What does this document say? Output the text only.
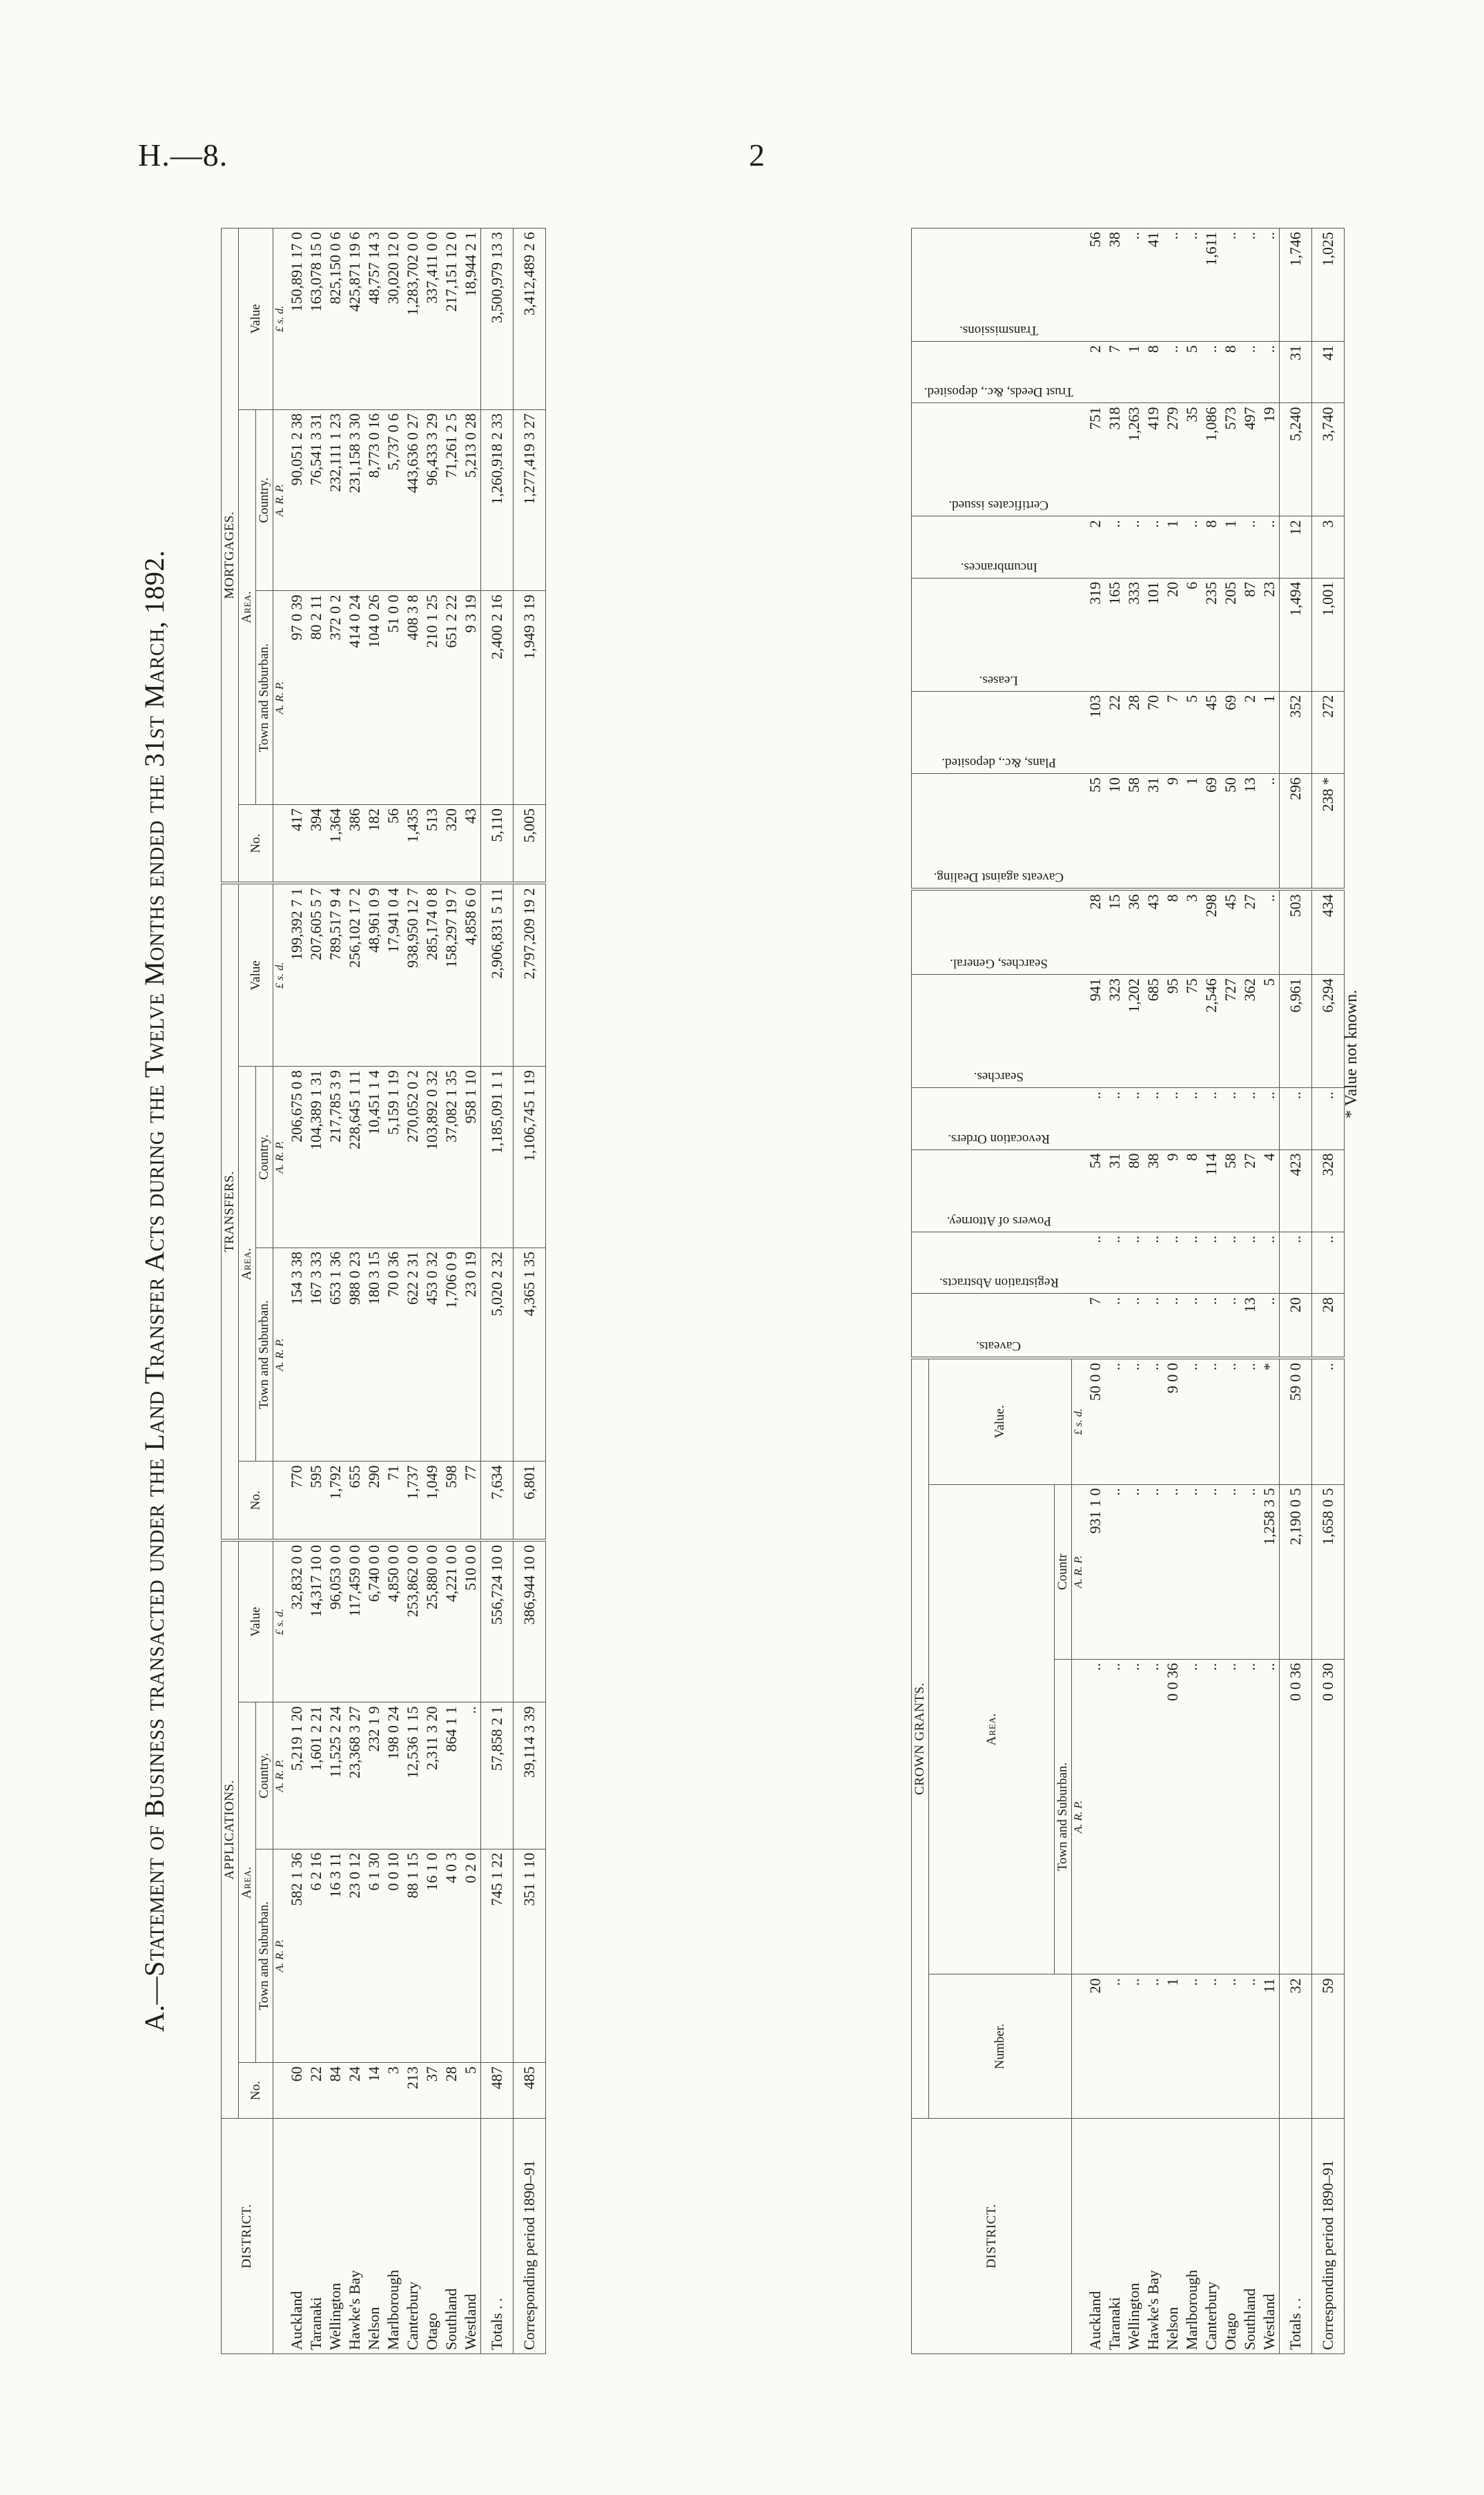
H.—8.	2
* Value not known.
A.—Statement of Business transacted under the Land Transfer Acts during the Twelve Months ended the 31st March, 1892.
DISTRICT.	APPLICATIONS.				TRANSFERS.				MORTGAGES.			
	No.	Area.		Value	No.	Area.		Value	No.	Area.		Value
		Town and Suburban.	Country.			Town and Suburban.	Country.			Town and Suburban.	Country.	
		A. R. P.	A. R. P.	£ s. d.		A. R. P.	A. R. P.	£ s. d.		A. R. P.	A. R. P.	£ s. d.
Auckland	60	582 1 36	5,219 1 20	32,832 0 0	770	154 3 38	206,675 0 8	199,392 7 1	417	97 0 39	90,051 2 38	150,891 17 0
Taranaki	22	6 2 16	1,601 2 21	14,317 10 0	595	167 3 33	104,389 1 31	207,605 5 7	394	80 2 11	76,541 3 31	163,078 15 0
Wellington	84	16 3 11	11,525 2 24	96,053 0 0	1,792	653 1 36	217,785 3 9	789,517 9 4	1,364	372 0 2	232,111 1 23	825,150 0 6
Hawke's Bay	24	23 0 12	23,368 3 27	117,459 0 0	655	988 0 23	228,645 1 11	256,102 17 2	386	414 0 24	231,158 3 30	425,871 19 6
Nelson	14	6 1 30	232 1 9	6,740 0 0	290	180 3 15	10,451 1 4	48,961 0 9	182	104 0 26	8,773 0 16	48,757 14 3
Marlborough	3	0 0 10	198 0 24	4,850 0 0	71	70 0 36	5,159 1 19	17,941 0 4	56	51 0 0	5,737 0 6	30,020 12 0
Canterbury	213	88 1 15	12,536 1 15	253,862 0 0	1,737	622 2 31	270,052 0 2	938,950 12 7	1,435	408 3 8	443,636 0 27	1,283,702 0 0
Otago	37	16 1 0	2,311 3 20	25,880 0 0	1,049	453 0 32	103,892 0 32	285,174 0 8	513	210 1 25	96,433 3 29	337,411 0 0
Southland	28	4 0 3	864 1 1	4,221 0 0	598	1,706 0 9	37,082 1 35	158,297 19 7	320	651 2 22	71,261 2 5	217,151 12 0
Westland	5	0 2 0	..	510 0 0	77	23 0 19	958 1 10	4,858 6 0	43	9 3 19	5,213 0 28	18,944 2 1
Totals . .	487	745 1 22	57,858 2 1	556,724 10 0	7,634	5,020 2 32	1,185,091 1 1	2,906,831 5 11	5,110	2,400 2 16	1,260,918 2 33	3,500,979 13 3
Corresponding period 1890–91	485	351 1 10	39,114 3 39	386,944 10 0	6,801	4,365 1 35	1,106,745 1 19	2,797,209 19 2	5,005	1,949 3 19	1,277,419 3 27	3,412,489 2 6
DISTRICT.	CROWN GRANTS.				Caveats.	Registration Abstracts.	Powers of Attorney.	Revocation Orders.	Searches.	Searches, General.	Caveats against Dealing.	Plans, &c., deposited.	Leases.	Incumbrances.	Certificates issued.	Trust Deeds, &c., deposited.	Transmissions.

	Number.	Area.		Value.													
		Town and Suburban.	Countr														
		A. R. P.	A. R. P.	£ s. d.													
Auckland	20	..	931 1 0	50 0 0	7	..	54	..	941	28	55	103	319	2	751	2	56
Taranaki	..	..	..	..	..	..	31	..	323	15	10	22	165	..	318	7	38
Wellington	..	..	..	..	..	..	80	..	1,202	36	58	28	333	..	1,263	1	..
Hawke's Bay	..	..	..	..	..	..	38	..	685	43	31	70	101	..	419	8	41
Nelson	1	0 0 36	..	9 0 0	..	..	9	..	95	8	9	7	20	1	279	..	..
Marlborough	..	..	..	..	..	..	8	..	75	3	1	5	6	..	35	5	..
Canterbury	..	..	..	..	..	..	114	..	2,546	298	69	45	235	8	1,086	..	1,611
Otago	..	..	..	..	..	..	58	..	727	45	50	69	205	1	573	8	..
Southland	..	..	..	..	13	..	27	..	362	27	13	2	87	..	497	..	..
Westland	11	..	1,258 3 5	*	..	..	4	..	5	..	..	1	23	..	19	..	..
Totals . .	32	0 0 36	2,190 0 5	59 0 0	20	..	423	..	6,961	503	296	352	1,494	12	5,240	31	1,746
Corresponding period 1890–91	59	0 0 30	1,658 0 5	..	28	..	328	..	6,294	434	238 *	272	1,001	3	3,740	41	1,025
